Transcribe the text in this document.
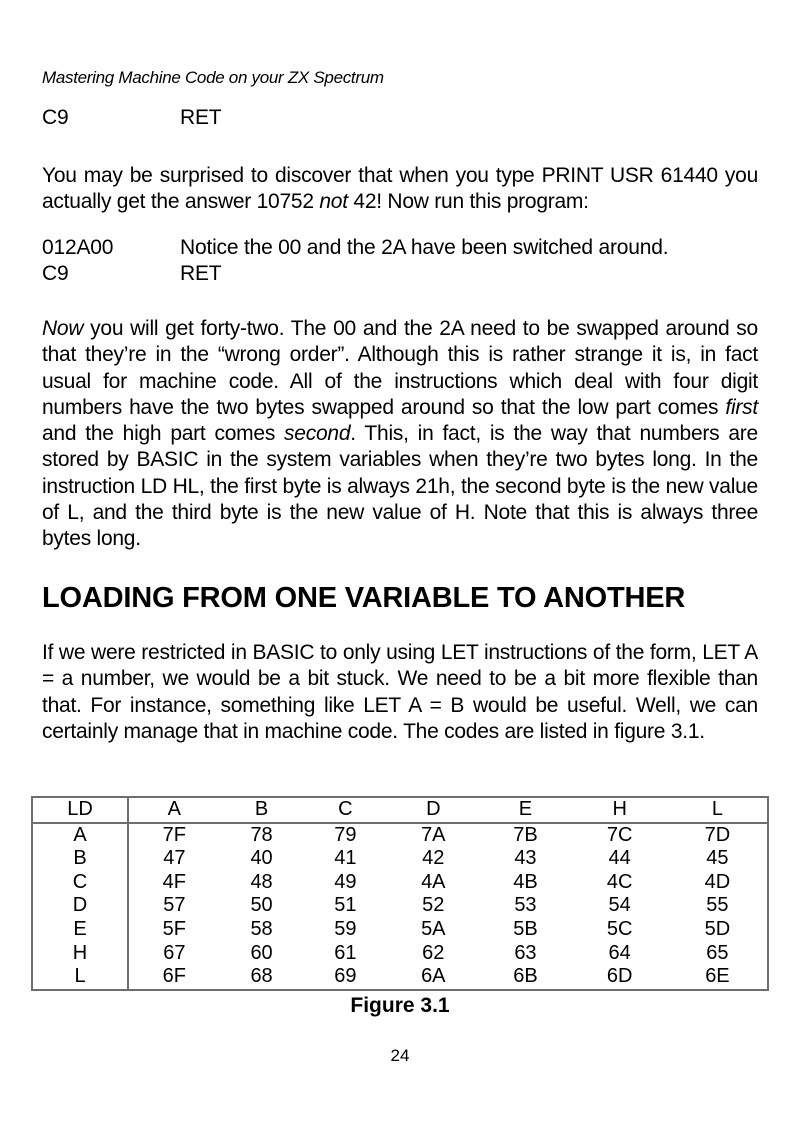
Mastering Machine Code on your ZX Spectrum
C9	RET

You may be surprised to discover that when you type PRINT USR 61440 you actually get the answer 10752 not 42! Now run this program:

012A00	Notice the 00 and the 2A have been switched around.
C9	RET

Now you will get forty-two. The 00 and the 2A need to be swapped around so that they’re in the “wrong order”. Although this is rather strange it is, in fact usual for machine code. All of the instructions which deal with four digit numbers have the two bytes swapped around so that the low part comes first and the high part comes second. This, in fact, is the way that numbers are stored by BASIC in the system variables when they’re two bytes long. In the instruction LD HL, the first byte is always 21h, the second byte is the new value of L, and the third byte is the new value of H. Note that this is always three bytes long.

LOADING FROM ONE VARIABLE TO ANOTHER

If we were restricted in BASIC to only using LET instructions of the form, LET A = a number, we would be a bit stuck. We need to be a bit more flexible than that. For instance, something like LET A = B would be useful. Well, we can certainly manage that in machine code. The codes are listed in figure 3.1.

LD	A	B	C	D	E	H	L
A	7F	78	79	7A	7B	7C	7D
B	47	40	41	42	43	44	45
C	4F	48	49	4A	4B	4C	4D
D	57	50	51	52	53	54	55
E	5F	58	59	5A	5B	5C	5D
H	67	60	61	62	63	64	65
L	6F	68	69	6A	6B	6D	6E
Figure 3.1
24
